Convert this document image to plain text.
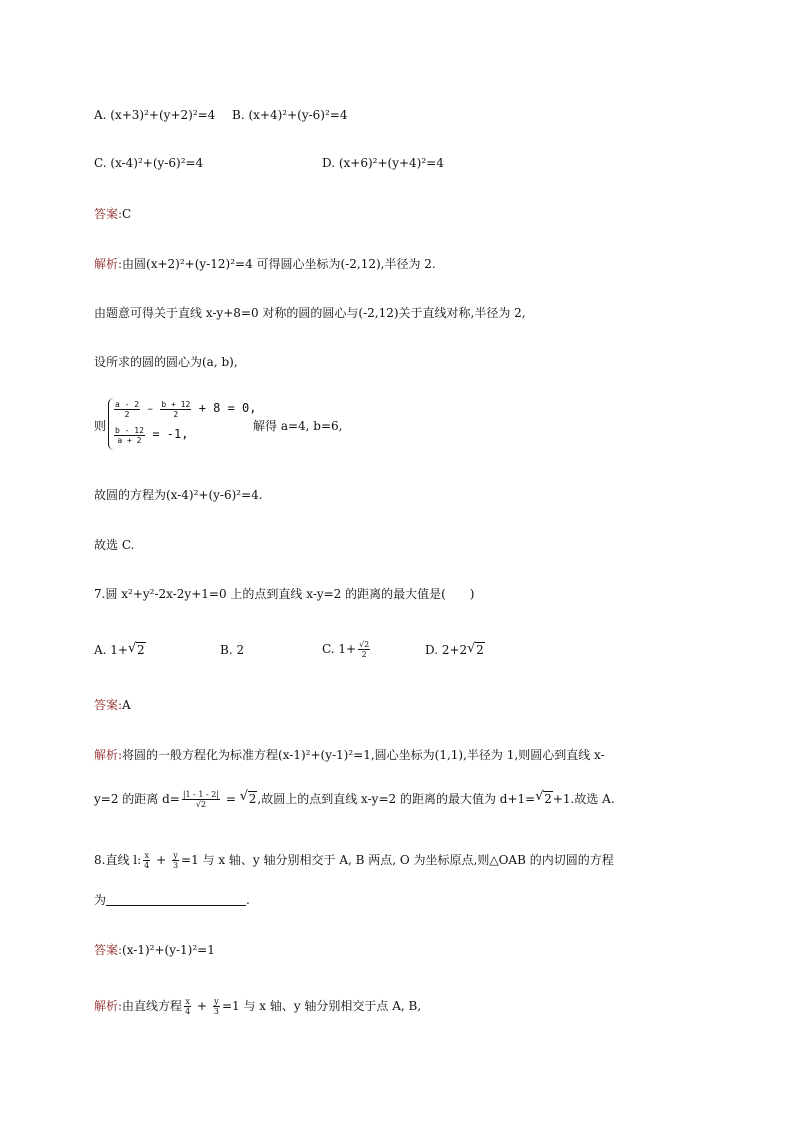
A. (x+3)²+(y+2)²=4 B. (x+4)²+(y-6)²=4
C. (x-4)²+(y-6)²=4	D. (x+6)²+(y+4)²=4
答案:C
解析:由圆(x+2)²+(y-12)²=4 可得圆心坐标为(-2,12),半径为 2.
由题意可得关于直线 x-y+8=0 对称的圆的圆心与(-2,12)关于直线对称,半径为 2,
设所求的圆的圆心为(a, b),
则
$\frac{a - 2}{2} - \frac{b + 12}{2} + 8 = 0$,
$\frac{b - 12}{a + 2} = -1$,
解得 a=4, b=6,
故圆的方程为(x-4)²+(y-6)²=4.
故选 C.
7.圆 x²+y²-2x-2y+1=0 上的点到直线 x-y=2 的距离的最大值是(　　)
A. 1+ √ 2	B. 2	C. $1+ \frac{√2}{2}$	D. 2+2 √ 2
答案:A
解析:将圆的一般方程化为标准方程(x-1)²+(y-1)²=1,圆心坐标为(1,1),半径为 1,则圆心到直线 x-
y=2 的距离 $d= \frac{|1 - 1 - 2|}{√2}$ = √ 2,故圆上的点到直线 x-y=2 的距离的最大值为 d+1= √ 2+1.故选 A.
8.直线 l: $\frac{x}{4} + \frac{y}{3} =1$ 与 x 轴、y 轴分别相交于 A, B 两点, O 为坐标原点,则△OAB 的内切圆的方程
为	.
答案:(x-1)²+(y-1)²=1
解析:由直线方程 $\frac{x}{4} + \frac{y}{3} =1$ 与 x 轴、y 轴分别相交于点 A, B,
